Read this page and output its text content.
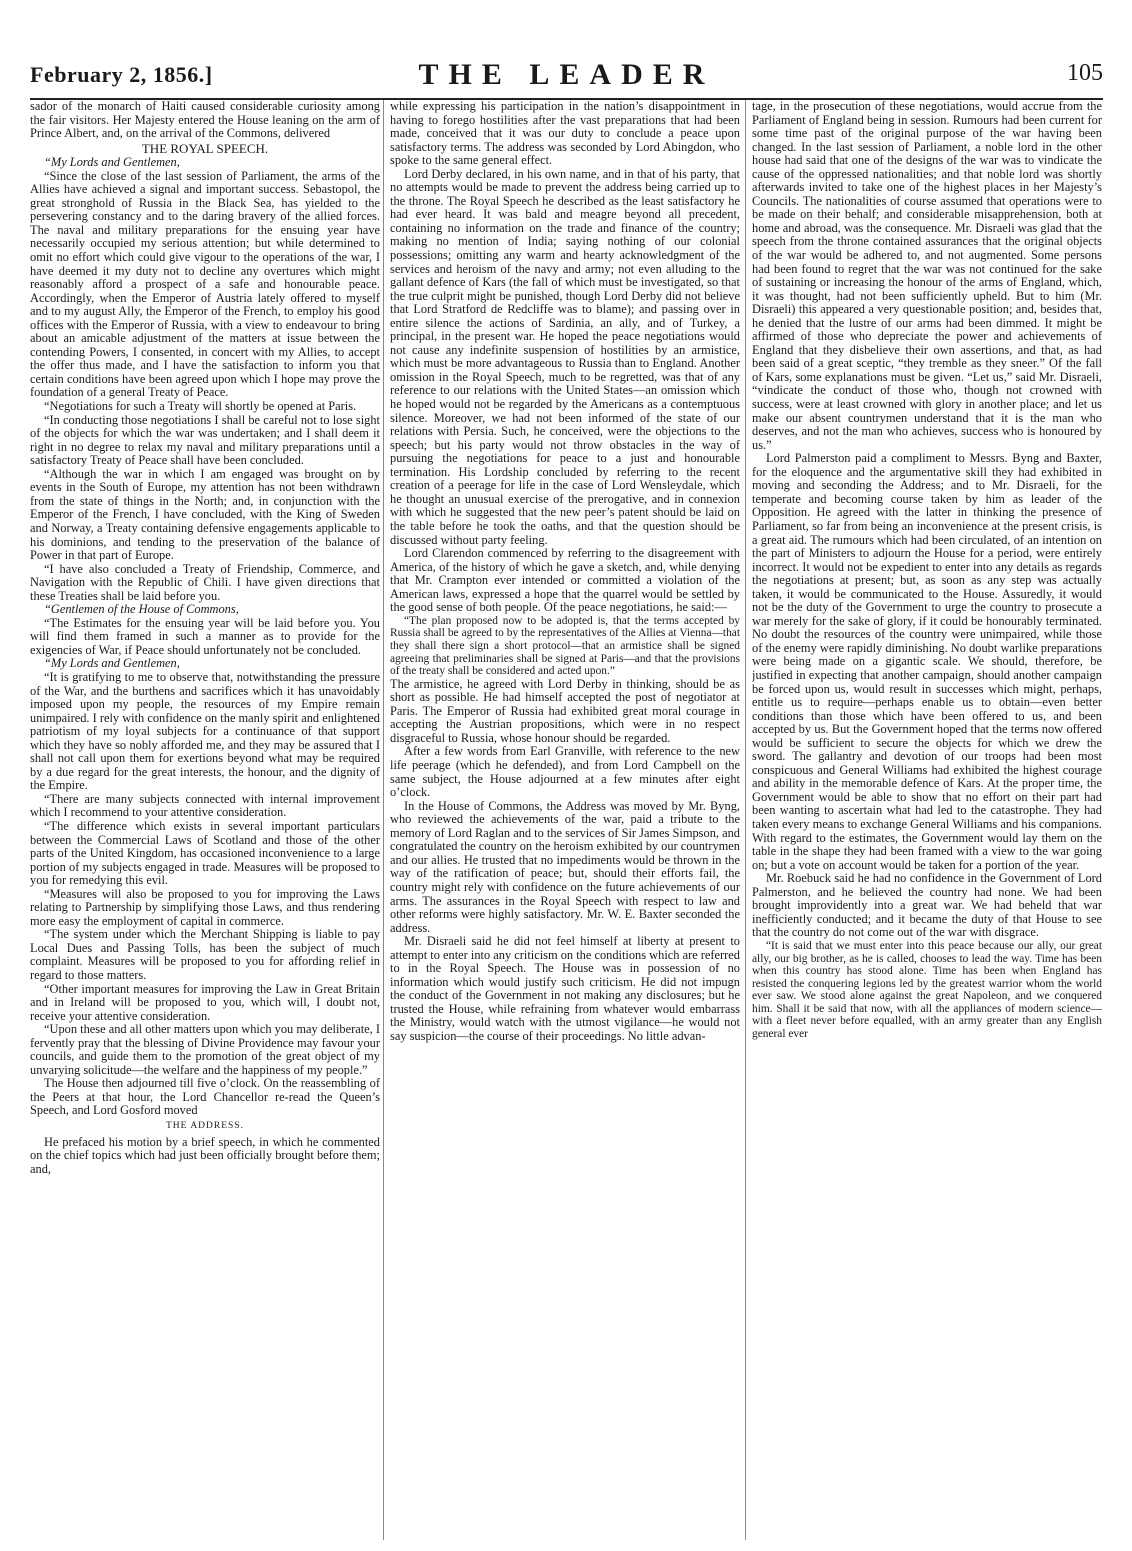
February 2, 1856.]	THE LEADER	105

sador of the monarch of Haiti caused considerable curiosity among the fair visitors. Her Majesty entered the House leaning on the arm of Prince Albert, and, on the arrival of the Commons, delivered

THE ROYAL SPEECH.

“My Lords and Gentlemen,

“Since the close of the last session of Parliament, the arms of the Allies have achieved a signal and important success. Sebastopol, the great stronghold of Russia in the Black Sea, has yielded to the persevering constancy and to the daring bravery of the allied forces. The naval and military preparations for the ensuing year have necessarily occupied my serious attention; but while determined to omit no effort which could give vigour to the operations of the war, I have deemed it my duty not to decline any overtures which might reasonably afford a prospect of a safe and honourable peace. Accordingly, when the Emperor of Austria lately offered to myself and to my august Ally, the Emperor of the French, to employ his good offices with the Emperor of Russia, with a view to endeavour to bring about an amicable adjustment of the matters at issue between the contending Powers, I consented, in concert with my Allies, to accept the offer thus made, and I have the satisfaction to inform you that certain conditions have been agreed upon which I hope may prove the foundation of a general Treaty of Peace.

“Negotiations for such a Treaty will shortly be opened at Paris.

“In conducting those negotiations I shall be careful not to lose sight of the objects for which the war was undertaken; and I shall deem it right in no degree to relax my naval and military preparations until a satisfactory Treaty of Peace shall have been concluded.

“Although the war in which I am engaged was brought on by events in the South of Europe, my attention has not been withdrawn from the state of things in the North; and, in conjunction with the Emperor of the French, I have concluded, with the King of Sweden and Norway, a Treaty containing defensive engagements applicable to his dominions, and tending to the preservation of the balance of Power in that part of Europe.

“I have also concluded a Treaty of Friendship, Commerce, and Navigation with the Republic of Chili. I have given directions that these Treaties shall be laid before you.

“Gentlemen of the House of Commons,

“The Estimates for the ensuing year will be laid before you. You will find them framed in such a manner as to provide for the exigencies of War, if Peace should unfortunately not be concluded.

“My Lords and Gentlemen,

“It is gratifying to me to observe that, notwithstanding the pressure of the War, and the burthens and sacrifices which it has unavoidably imposed upon my people, the resources of my Empire remain unimpaired. I rely with confidence on the manly spirit and enlightened patriotism of my loyal subjects for a continuance of that support which they have so nobly afforded me, and they may be assured that I shall not call upon them for exertions beyond what may be required by a due regard for the great interests, the honour, and the dignity of the Empire.

“There are many subjects connected with internal improvement which I recommend to your attentive consideration.

“The difference which exists in several important particulars between the Commercial Laws of Scotland and those of the other parts of the United Kingdom, has occasioned inconvenience to a large portion of my subjects engaged in trade. Measures will be proposed to you for remedying this evil.

“Measures will also be proposed to you for improving the Laws relating to Partnership by simplifying those Laws, and thus rendering more easy the employment of capital in commerce.

“The system under which the Merchant Shipping is liable to pay Local Dues and Passing Tolls, has been the subject of much complaint. Measures will be proposed to you for affording relief in regard to those matters.

“Other important measures for improving the Law in Great Britain and in Ireland will be proposed to you, which will, I doubt not, receive your attentive consideration.

“Upon these and all other matters upon which you may deliberate, I fervently pray that the blessing of Divine Providence may favour your councils, and guide them to the promotion of the great object of my unvarying solicitude—the welfare and the happiness of my people.”

The House then adjourned till five o’clock. On the reassembling of the Peers at that hour, the Lord Chancellor re-read the Queen’s Speech, and Lord Gosford moved

THE ADDRESS.

He prefaced his motion by a brief speech, in which he commented on the chief topics which had just been officially brought before them; and,

while expressing his participation in the nation’s disappointment in having to forego hostilities after the vast preparations that had been made, conceived that it was our duty to conclude a peace upon satisfactory terms. The address was seconded by Lord Abingdon, who spoke to the same general effect.

Lord Derby declared, in his own name, and in that of his party, that no attempts would be made to prevent the address being carried up to the throne. The Royal Speech he described as the least satisfactory he had ever heard. It was bald and meagre beyond all precedent, containing no information on the trade and finance of the country; making no mention of India; saying nothing of our colonial possessions; omitting any warm and hearty acknowledgment of the services and heroism of the navy and army; not even alluding to the gallant defence of Kars (the fall of which must be investigated, so that the true culprit might be punished, though Lord Derby did not believe that Lord Stratford de Redcliffe was to blame); and passing over in entire silence the actions of Sardinia, an ally, and of Turkey, a principal, in the present war. He hoped the peace negotiations would not cause any indefinite suspension of hostilities by an armistice, which must be more advantageous to Russia than to England. Another omission in the Royal Speech, much to be regretted, was that of any reference to our relations with the United States—an omission which he hoped would not be regarded by the Americans as a contemptuous silence. Moreover, we had not been informed of the state of our relations with Persia. Such, he conceived, were the objections to the speech; but his party would not throw obstacles in the way of pursuing the negotiations for peace to a just and honourable termination. His Lordship concluded by referring to the recent creation of a peerage for life in the case of Lord Wensleydale, which he thought an unusual exercise of the prerogative, and in connexion with which he suggested that the new peer’s patent should be laid on the table before he took the oaths, and that the question should be discussed without party feeling.

Lord Clarendon commenced by referring to the disagreement with America, of the history of which he gave a sketch, and, while denying that Mr. Crampton ever intended or committed a violation of the American laws, expressed a hope that the quarrel would be settled by the good sense of both people. Of the peace negotiations, he said:—

“The plan proposed now to be adopted is, that the terms accepted by Russia shall be agreed to by the representatives of the Allies at Vienna—that they shall there sign a short protocol—that an armistice shall be signed agreeing that preliminaries shall be signed at Paris—and that the provisions of the treaty shall be considered and acted upon.”

The armistice, he agreed with Lord Derby in thinking, should be as short as possible. He had himself accepted the post of negotiator at Paris. The Emperor of Russia had exhibited great moral courage in accepting the Austrian propositions, which were in no respect disgraceful to Russia, whose honour should be regarded.

After a few words from Earl Granville, with reference to the new life peerage (which he defended), and from Lord Campbell on the same subject, the House adjourned at a few minutes after eight o’clock.

In the House of Commons, the Address was moved by Mr. Byng, who reviewed the achievements of the war, paid a tribute to the memory of Lord Raglan and to the services of Sir James Simpson, and congratulated the country on the heroism exhibited by our countrymen and our allies. He trusted that no impediments would be thrown in the way of the ratification of peace; but, should their efforts fail, the country might rely with confidence on the future achievements of our arms. The assurances in the Royal Speech with respect to law and other reforms were highly satisfactory. Mr. W. E. Baxter seconded the address.

Mr. Disraeli said he did not feel himself at liberty at present to attempt to enter into any criticism on the conditions which are referred to in the Royal Speech. The House was in possession of no information which would justify such criticism. He did not impugn the conduct of the Government in not making any disclosures; but he trusted the House, while refraining from whatever would embarrass the Ministry, would watch with the utmost vigilance—he would not say suspicion—the course of their proceedings. No little advan-

tage, in the prosecution of these negotiations, would accrue from the Parliament of England being in session. Rumours had been current for some time past of the original purpose of the war having been changed. In the last session of Parliament, a noble lord in the other house had said that one of the designs of the war was to vindicate the cause of the oppressed nationalities; and that noble lord was shortly afterwards invited to take one of the highest places in her Majesty’s Councils. The nationalities of course assumed that operations were to be made on their behalf; and considerable misapprehension, both at home and abroad, was the consequence. Mr. Disraeli was glad that the speech from the throne contained assurances that the original objects of the war would be adhered to, and not augmented. Some persons had been found to regret that the war was not continued for the sake of sustaining or increasing the honour of the arms of England, which, it was thought, had not been sufficiently upheld. But to him (Mr. Disraeli) this appeared a very questionable position; and, besides that, he denied that the lustre of our arms had been dimmed. It might be affirmed of those who depreciate the power and achievements of England that they disbelieve their own assertions, and that, as had been said of a great sceptic, “they tremble as they sneer.” Of the fall of Kars, some explanations must be given. “Let us,” said Mr. Disraeli, “vindicate the conduct of those who, though not crowned with success, were at least crowned with glory in another place; and let us make our absent countrymen understand that it is the man who deserves, and not the man who achieves, success who is honoured by us.”

Lord Palmerston paid a compliment to Messrs. Byng and Baxter, for the eloquence and the argumentative skill they had exhibited in moving and seconding the Address; and to Mr. Disraeli, for the temperate and becoming course taken by him as leader of the Opposition. He agreed with the latter in thinking the presence of Parliament, so far from being an inconvenience at the present crisis, is a great aid. The rumours which had been circulated, of an intention on the part of Ministers to adjourn the House for a period, were entirely incorrect. It would not be expedient to enter into any details as regards the negotiations at present; but, as soon as any step was actually taken, it would be communicated to the House. Assuredly, it would not be the duty of the Government to urge the country to prosecute a war merely for the sake of glory, if it could be honourably terminated. No doubt the resources of the country were unimpaired, while those of the enemy were rapidly diminishing. No doubt warlike preparations were being made on a gigantic scale. We should, therefore, be justified in expecting that another campaign, should another campaign be forced upon us, would result in successes which might, perhaps, entitle us to require—perhaps enable us to obtain—even better conditions than those which have been offered to us, and been accepted by us. But the Government hoped that the terms now offered would be sufficient to secure the objects for which we drew the sword. The gallantry and devotion of our troops had been most conspicuous and General Williams had exhibited the highest courage and ability in the memorable defence of Kars. At the proper time, the Government would be able to show that no effort on their part had been wanting to ascertain what had led to the catastrophe. They had taken every means to exchange General Williams and his companions. With regard to the estimates, the Government would lay them on the table in the shape they had been framed with a view to the war going on; but a vote on account would be taken for a portion of the year.

Mr. Roebuck said he had no confidence in the Government of Lord Palmerston, and he believed the country had none. We had been brought improvidently into a great war. We had beheld that war inefficiently conducted; and it became the duty of that House to see that the country do not come out of the war with disgrace.

“It is said that we must enter into this peace because our ally, our great ally, our big brother, as he is called, chooses to lead the way. Time has been when this country has stood alone. Time has been when England has resisted the conquering legions led by the greatest warrior whom the world ever saw. We stood alone against the great Napoleon, and we conquered him. Shall it be said that now, with all the appliances of modern science—with a fleet never before equalled, with an army greater than any English general ever
